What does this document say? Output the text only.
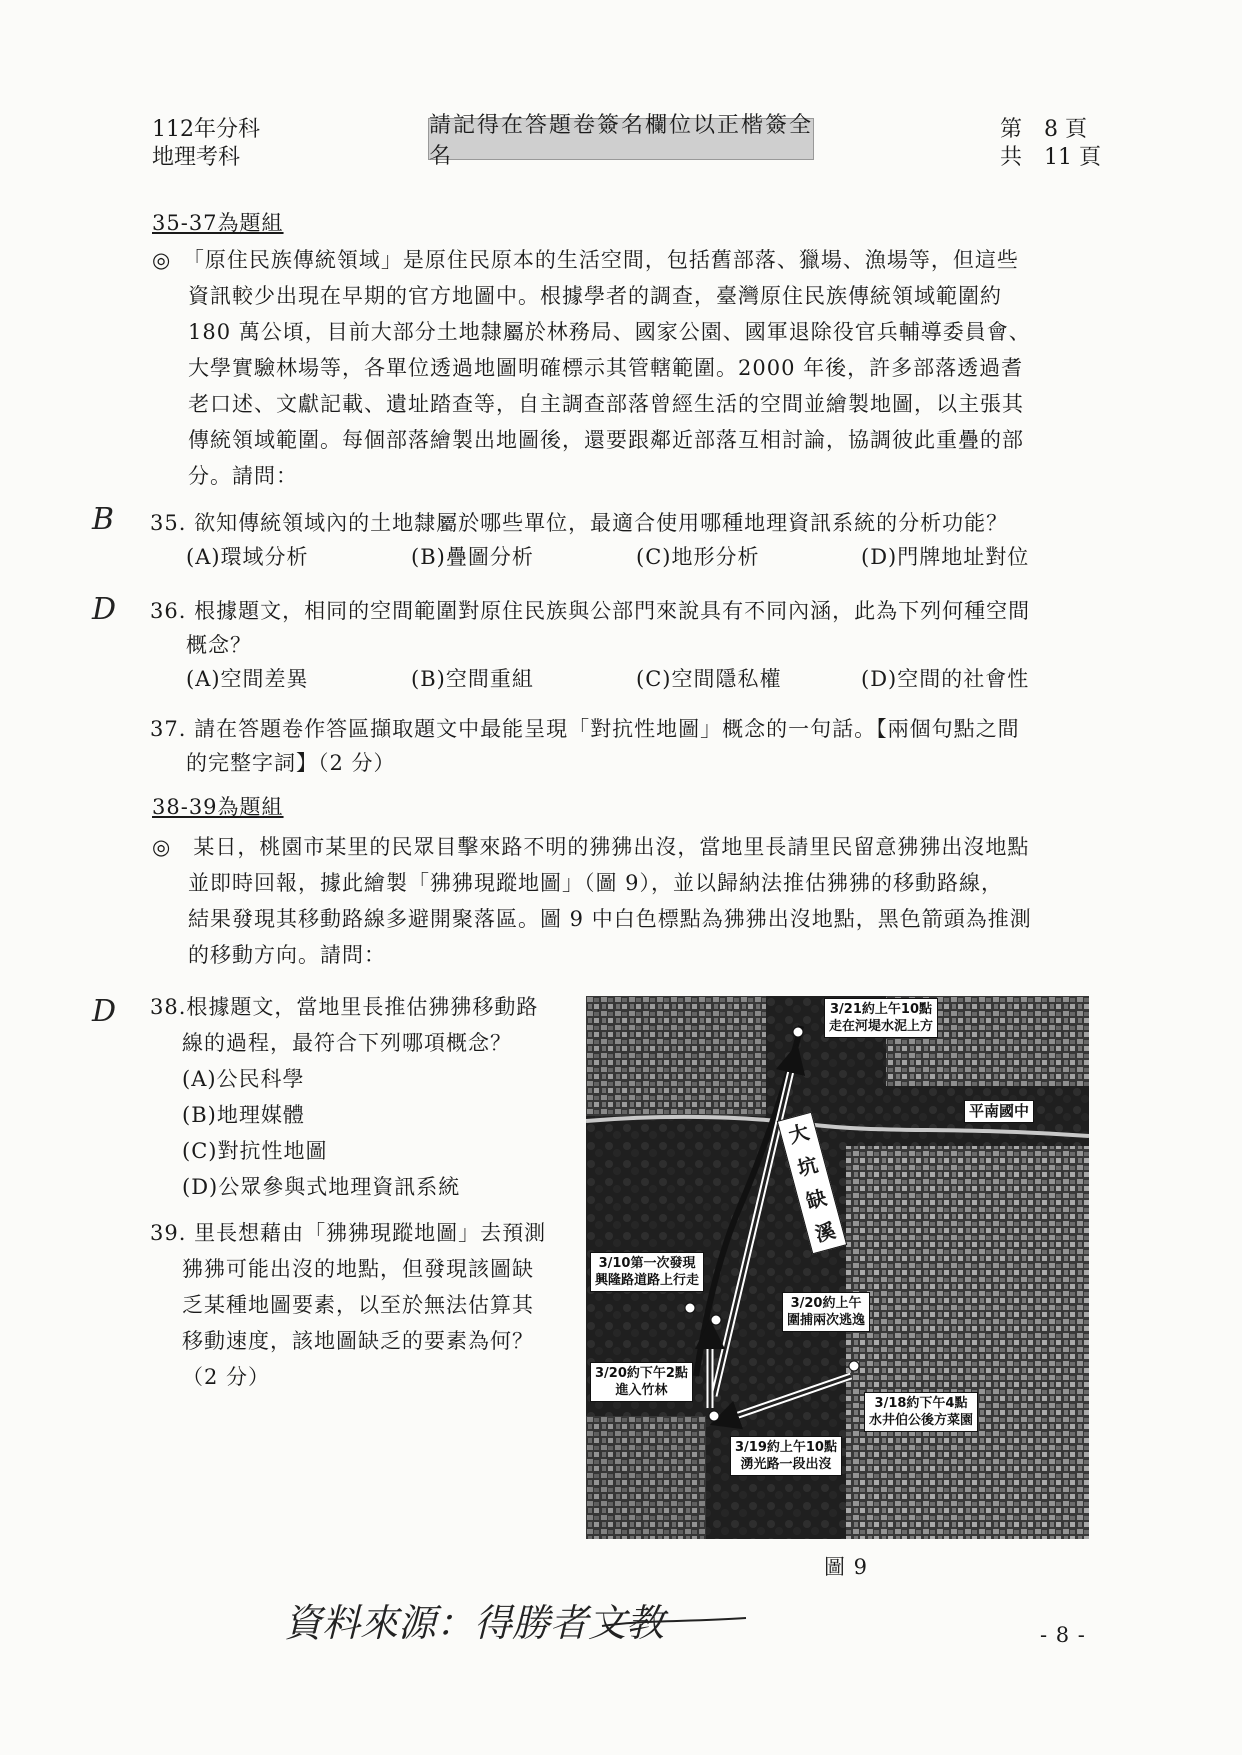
112年分科
地理考科
請記得在答題卷簽名欄位以正楷簽全名
第　8 頁
共　11 頁
35-37為題組
◎　「原住民族傳統領域」是原住民原本的生活空間，包括舊部落、獵場、漁場等，但這些
資訊較少出現在早期的官方地圖中。根據學者的調查，臺灣原住民族傳統領域範圍約
180 萬公頃，目前大部分土地隸屬於林務局、國家公園、國軍退除役官兵輔導委員會、
大學實驗林場等，各單位透過地圖明確標示其管轄範圍。2000 年後，許多部落透過耆
老口述、文獻記載、遺址踏查等，自主調查部落曾經生活的空間並繪製地圖，以主張其
傳統領域範圍。每個部落繪製出地圖後，還要跟鄰近部落互相討論，協調彼此重疊的部
分。請問：
B 35. 欲知傳統領域內的土地隸屬於哪些單位，最適合使用哪種地理資訊系統的分析功能？
(A)環域分析	(B)疊圖分析	(C)地形分析	(D)門牌地址對位
D 36. 根據題文，相同的空間範圍對原住民族與公部門來說具有不同內涵，此為下列何種空間
概念？
(A)空間差異	(B)空間重組	(C)空間隱私權	(D)空間的社會性
37. 請在答題卷作答區擷取題文中最能呈現「對抗性地圖」概念的一句話。【兩個句點之間
的完整字詞】（2 分）
38-39為題組
◎　某日，桃園市某里的民眾目擊來路不明的狒狒出沒，當地里長請里民留意狒狒出沒地點
並即時回報，據此繪製「狒狒現蹤地圖」（圖 9），並以歸納法推估狒狒的移動路線，
結果發現其移動路線多避開聚落區。圖 9 中白色標點為狒狒出沒地點，黑色箭頭為推測
的移動方向。請問：
D 38.根據題文，當地里長推估狒狒移動路
線的過程，最符合下列哪項概念？
(A)公民科學
(B)地理媒體
(C)對抗性地圖
(D)公眾參與式地理資訊系統
39. 里長想藉由「狒狒現蹤地圖」去預測
狒狒可能出沒的地點，但發現該圖缺
乏某種地圖要素，以至於無法估算其
移動速度，該地圖缺乏的要素為何？
（2 分）
3/21約上午10點
走在河堤水泥上方
平南國中
大坑缺溪
3/10第一次發現
興隆路道路上行走
3/20約上午
圍捕兩次逃逸
3/20約下午2點
進入竹林
3/18約下午4點
水井伯公後方菜園
3/19約上午10點
湧光路一段出沒
圖 9
資料來源：得勝者文教	- 8 -
